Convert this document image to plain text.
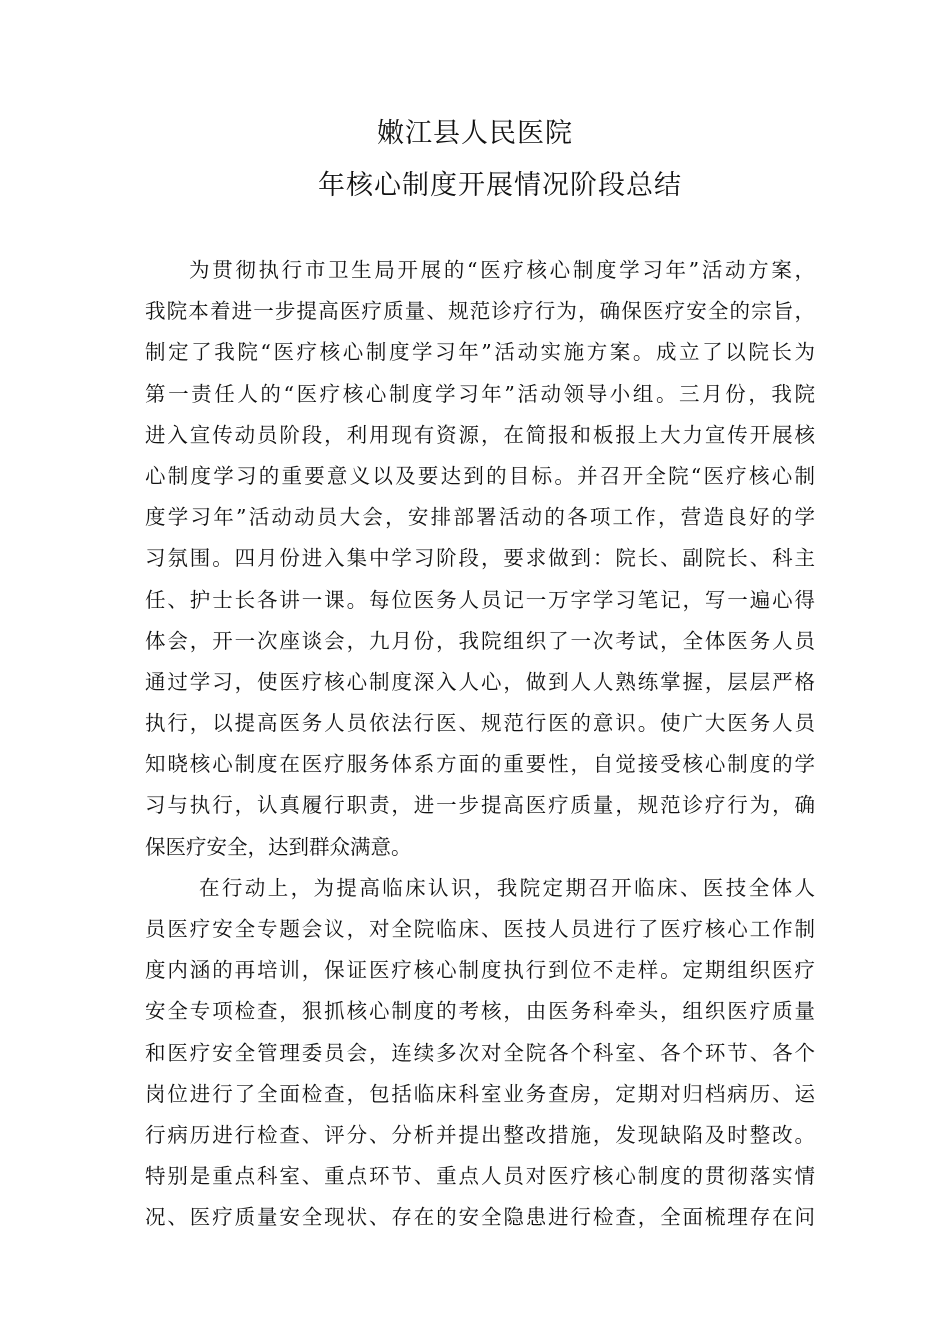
嫩江县人民医院
年核心制度开展情况阶段总结
为贯彻执行市卫生局开展的“医疗核心制度学习年”活动方案，
我院本着进一步提高医疗质量、规范诊疗行为，确保医疗安全的宗旨，
制定了我院“医疗核心制度学习年”活动实施方案。成立了以院长为
第一责任人的“医疗核心制度学习年”活动领导小组。三月份，我院
进入宣传动员阶段，利用现有资源，在简报和板报上大力宣传开展核
心制度学习的重要意义以及要达到的目标。并召开全院“医疗核心制
度学习年”活动动员大会，安排部署活动的各项工作，营造良好的学
习氛围。四月份进入集中学习阶段，要求做到：院长、副院长、科主
任、护士长各讲一课。每位医务人员记一万字学习笔记，写一遍心得
体会，开一次座谈会，九月份，我院组织了一次考试，全体医务人员
通过学习，使医疗核心制度深入人心，做到人人熟练掌握，层层严格
执行，以提高医务人员依法行医、规范行医的意识。使广大医务人员
知晓核心制度在医疗服务体系方面的重要性，自觉接受核心制度的学
习与执行，认真履行职责，进一步提高医疗质量，规范诊疗行为，确
保医疗安全，达到群众满意。
在行动上，为提高临床认识，我院定期召开临床、医技全体人
员医疗安全专题会议，对全院临床、医技人员进行了医疗核心工作制
度内涵的再培训，保证医疗核心制度执行到位不走样。定期组织医疗
安全专项检查，狠抓核心制度的考核，由医务科牵头，组织医疗质量
和医疗安全管理委员会，连续多次对全院各个科室、各个环节、各个
岗位进行了全面检查，包括临床科室业务查房，定期对归档病历、运
行病历进行检查、评分、分析并提出整改措施，发现缺陷及时整改。
特别是重点科室、重点环节、重点人员对医疗核心制度的贯彻落实情
况、医疗质量安全现状、存在的安全隐患进行检查，全面梳理存在问
